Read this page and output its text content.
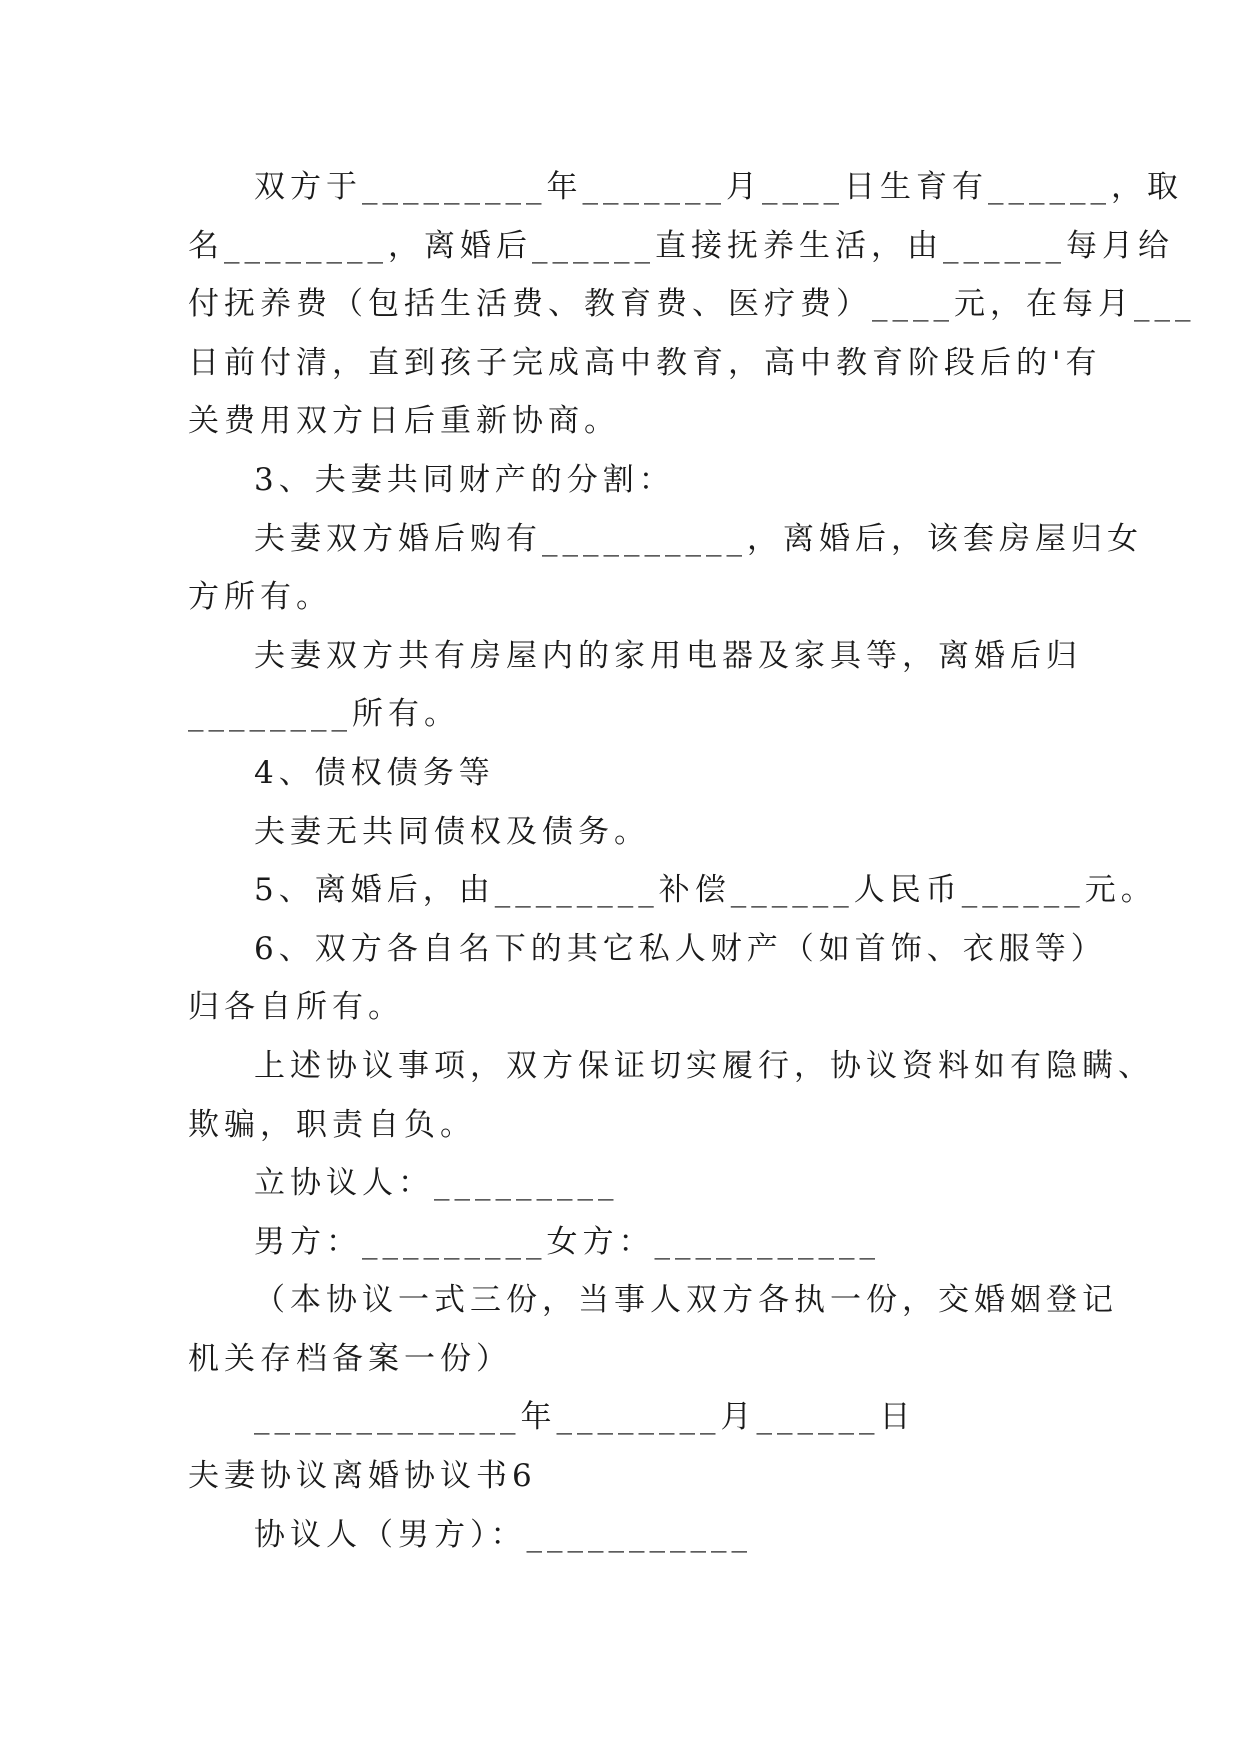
双方于_________年_______月____日生育有______，取
名________，离婚后______直接抚养生活，由______每月给
付抚养费（包括生活费、教育费、医疗费）____元，在每月___
日前付清，直到孩子完成高中教育，高中教育阶段后的'有
关费用双方日后重新协商。
3、夫妻共同财产的分割：
夫妻双方婚后购有__________，离婚后，该套房屋归女
方所有。
夫妻双方共有房屋内的家用电器及家具等，离婚后归
________所有。
4、债权债务等
夫妻无共同债权及债务。
5、离婚后，由________补偿______人民币______元。
6、双方各自名下的其它私人财产（如首饰、衣服等）
归各自所有。
上述协议事项，双方保证切实履行，协议资料如有隐瞒、
欺骗，职责自负。
立协议人：_________
男方：_________女方：___________
（本协议一式三份，当事人双方各执一份，交婚姻登记
机关存档备案一份）
_____________年________月______日
夫妻协议离婚协议书6
协议人（男方）：___________
